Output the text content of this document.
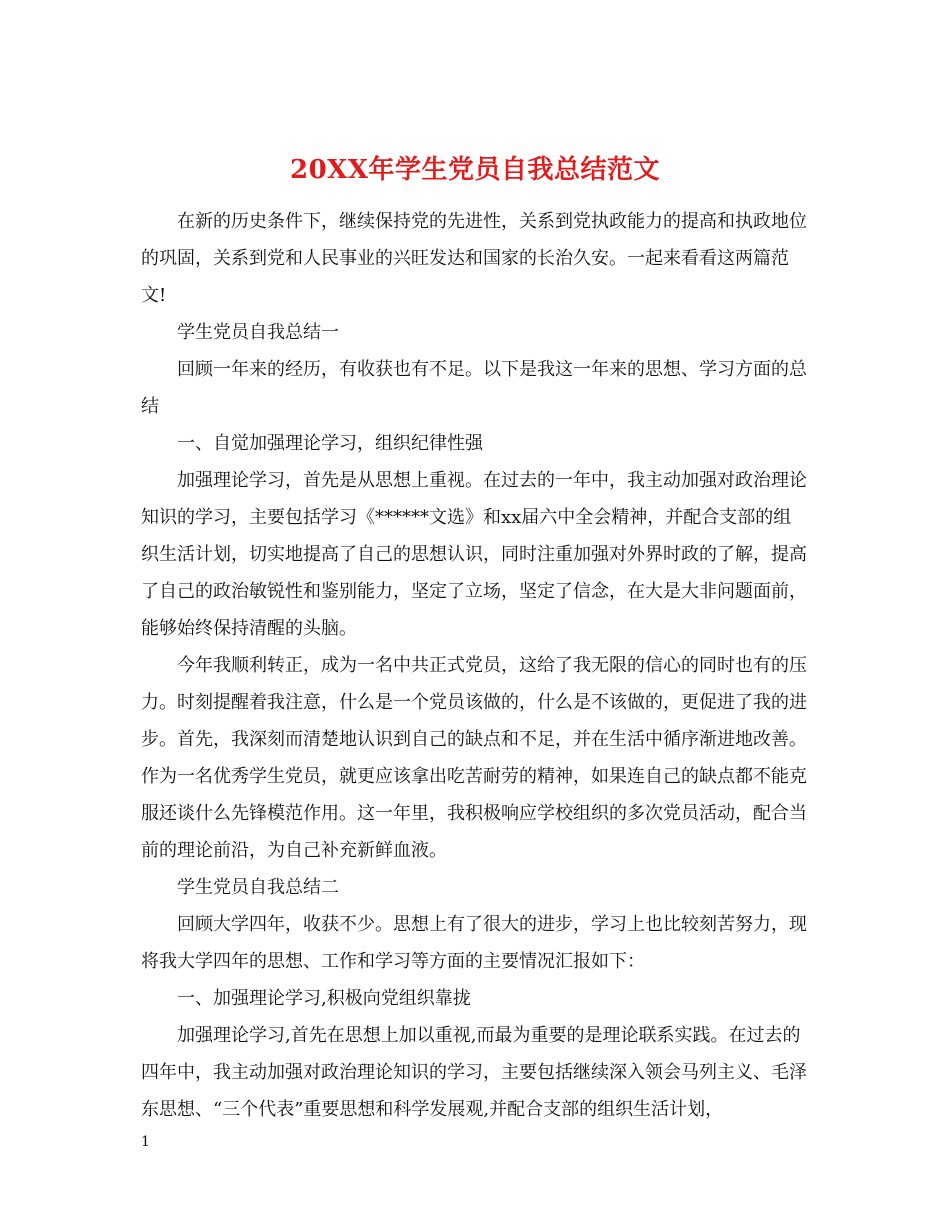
20XX年学生党员自我总结范文

在新的历史条件下，继续保持党的先进性，关系到党执政能力的提高和执政地位的巩固，关系到党和人民事业的兴旺发达和国家的长治久安。一起来看看这两篇范文!

学生党员自我总结一

回顾一年来的经历，有收获也有不足。以下是我这一年来的思想、学习方面的总结

一、自觉加强理论学习，组织纪律性强

加强理论学习，首先是从思想上重视。在过去的一年中，我主动加强对政治理论知识的学习，主要包括学习《******文选》和xx届六中全会精神，并配合支部的组织生活计划，切实地提高了自己的思想认识，同时注重加强对外界时政的了解，提高了自己的政治敏锐性和鉴别能力，坚定了立场，坚定了信念，在大是大非问题面前，能够始终保持清醒的头脑。

今年我顺利转正，成为一名中共正式党员，这给了我无限的信心的同时也有的压力。时刻提醒着我注意，什么是一个党员该做的，什么是不该做的，更促进了我的进步。首先，我深刻而清楚地认识到自己的缺点和不足，并在生活中循序渐进地改善。作为一名优秀学生党员，就更应该拿出吃苦耐劳的精神，如果连自己的缺点都不能克服还谈什么先锋模范作用。这一年里，我积极响应学校组织的多次党员活动，配合当前的理论前沿，为自己补充新鲜血液。

学生党员自我总结二

回顾大学四年，收获不少。思想上有了很大的进步，学习上也比较刻苦努力，现将我大学四年的思想、工作和学习等方面的主要情况汇报如下：

一、加强理论学习,积极向党组织靠拢

加强理论学习,首先在思想上加以重视,而最为重要的是理论联系实践。在过去的四年中，我主动加强对政治理论知识的学习，主要包括继续深入领会马列主义、毛泽东思想、“三个代表”重要思想和科学发展观,并配合支部的组织生活计划，

1
